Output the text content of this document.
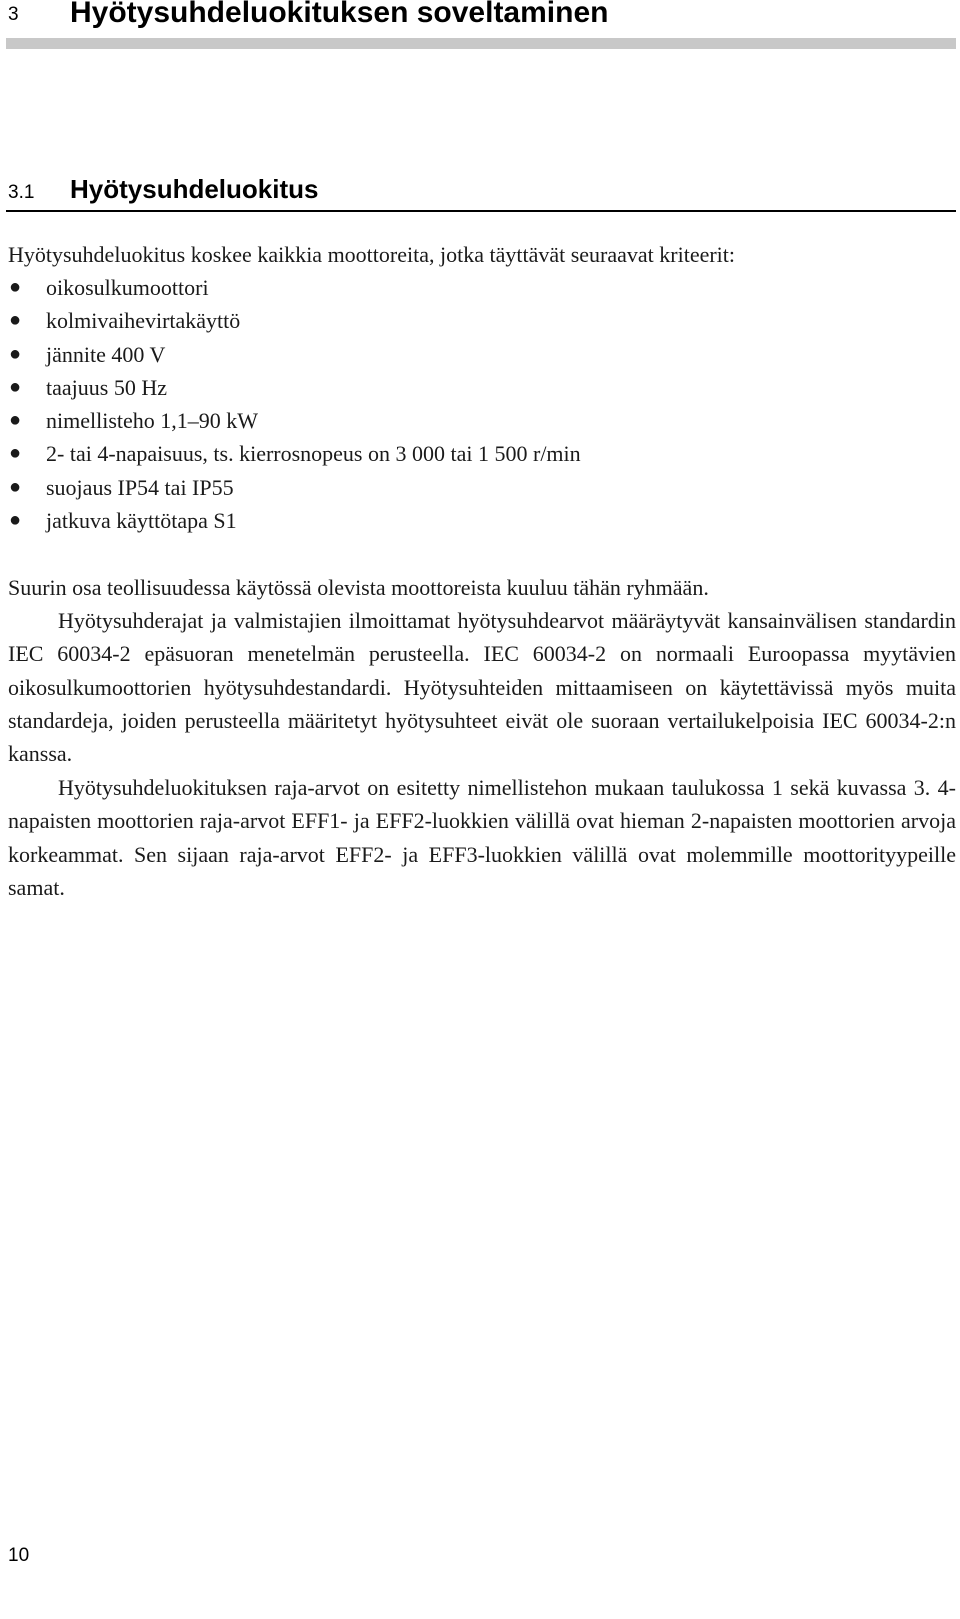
3 Hyötysuhdeluokituksen soveltaminen
3.1 Hyötysuhdeluokitus

Hyötysuhdeluokitus koskee kaikkia moottoreita, jotka täyttävät seuraavat kriteerit:

● oikosulkumoottori
● kolmivaihevirtakäyttö
● jännite 400 V
● taajuus 50 Hz
● nimellisteho 1,1–90 kW
● 2- tai 4-napaisuus, ts. kierrosnopeus on 3 000 tai 1 500 r/min
● suojaus IP54 tai IP55
● jatkuva käyttötapa S1

Suurin osa teollisuudessa käytössä olevista moottoreista kuuluu tähän ryhmään.

Hyötysuhderajat ja valmistajien ilmoittamat hyötysuhdearvot määräytyvät kansainvälisen standardin IEC 60034-2 epäsuoran menetelmän perusteella. IEC 60034-2 on normaali Euroopassa myytävien oikosulkumoottorien hyötysuhdestandardi. Hyötysuhteiden mittaamiseen on käytettävissä myös muita standardeja, joiden perusteella määritetyt hyötysuhteet eivät ole suoraan vertailukelpoisia IEC 60034-2:n kanssa.

Hyötysuhdeluokituksen raja-arvot on esitetty nimellistehon mukaan taulukossa 1 sekä kuvassa 3. 4-napaisten moottorien raja-arvot EFF1- ja EFF2-luokkien välillä ovat hieman 2-napaisten moottorien arvoja korkeammat. Sen sijaan raja-arvot EFF2- ja EFF3-luokkien välillä ovat molemmille moottorityypeille samat.

10
